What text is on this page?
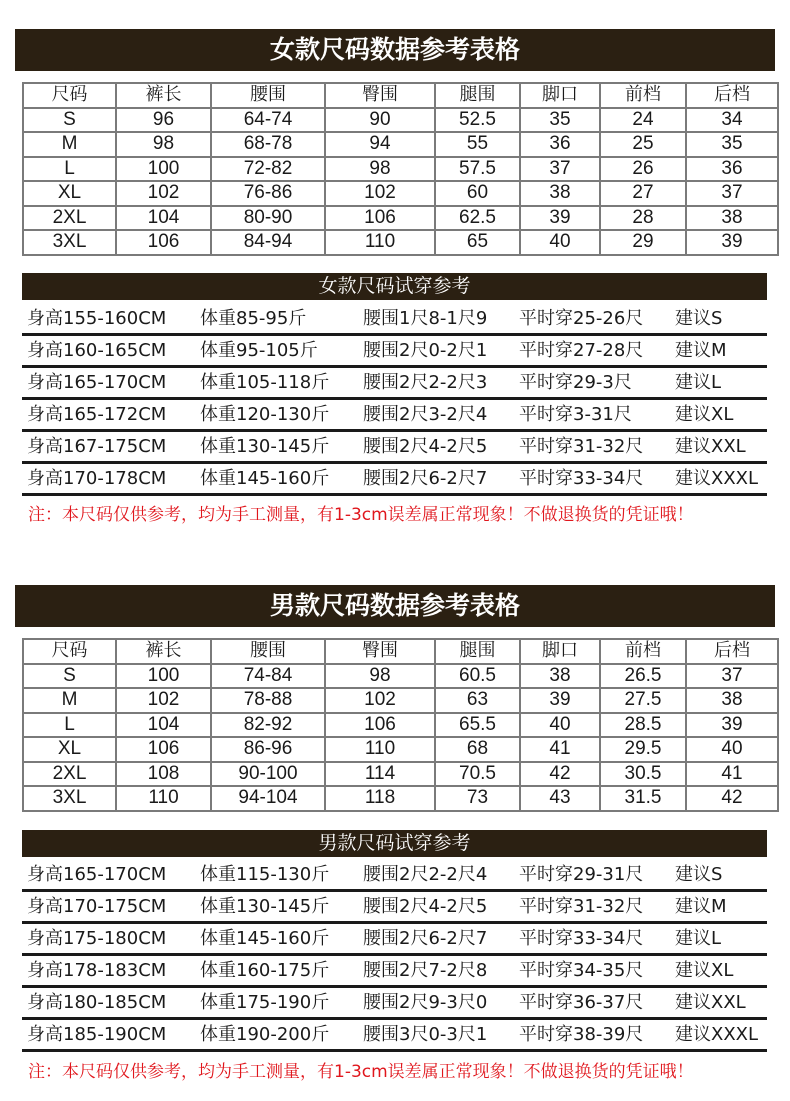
女款尺码数据参考表格
尺码	裤长	腰围	臀围	腿围	脚口	前档	后档
S	96	64-74	90	52.5	35	24	34
M	98	68-78	94	55	36	25	35
L	100	72-82	98	57.5	37	26	36
XL	102	76-86	102	60	38	27	37
2XL	104	80-90	106	62.5	39	28	38
3XL	106	84-94	110	65	40	29	39
女款尺码试穿参考
身高155-160CM 体重85-95斤	腰围1尺8-1尺9 平时穿25-26尺 建议S
身高160-165CM 体重95-105斤	腰围2尺0-2尺1 平时穿27-28尺 建议M
身高165-170CM 体重105-118斤 腰围2尺2-2尺3 平时穿29-3尺 建议L
身高165-172CM 体重120-130斤 腰围2尺3-2尺4 平时穿3-31尺 建议XL
身高167-175CM 体重130-145斤 腰围2尺4-2尺5 平时穿31-32尺 建议XXL
身高170-178CM 体重145-160斤 腰围2尺6-2尺7 平时穿33-34尺 建议XXXL
注：本尺码仅供参考，均为手工测量，有1-3cm误差属正常现象！不做退换货的凭证哦！
男款尺码数据参考表格
尺码	裤长	腰围	臀围	腿围	脚口	前档	后档
S	100	74-84	98	60.5	38	26.5	37
M	102	78-88	102	63	39	27.5	38
L	104	82-92	106	65.5	40	28.5	39
XL	106	86-96	110	68	41	29.5	40
2XL	108	90-100	114	70.5	42	30.5	41
3XL	110	94-104	118	73	43	31.5	42
男款尺码试穿参考
身高165-170CM 体重115-130斤 腰围2尺2-2尺4 平时穿29-31尺 建议S
身高170-175CM 体重130-145斤 腰围2尺4-2尺5 平时穿31-32尺 建议M
身高175-180CM 体重145-160斤 腰围2尺6-2尺7 平时穿33-34尺 建议L
身高178-183CM 体重160-175斤 腰围2尺7-2尺8 平时穿34-35尺 建议XL
身高180-185CM 体重175-190斤 腰围2尺9-3尺0 平时穿36-37尺 建议XXL
身高185-190CM 体重190-200斤 腰围3尺0-3尺1 平时穿38-39尺 建议XXXL
注：本尺码仅供参考，均为手工测量，有1-3cm误差属正常现象！不做退换货的凭证哦！
